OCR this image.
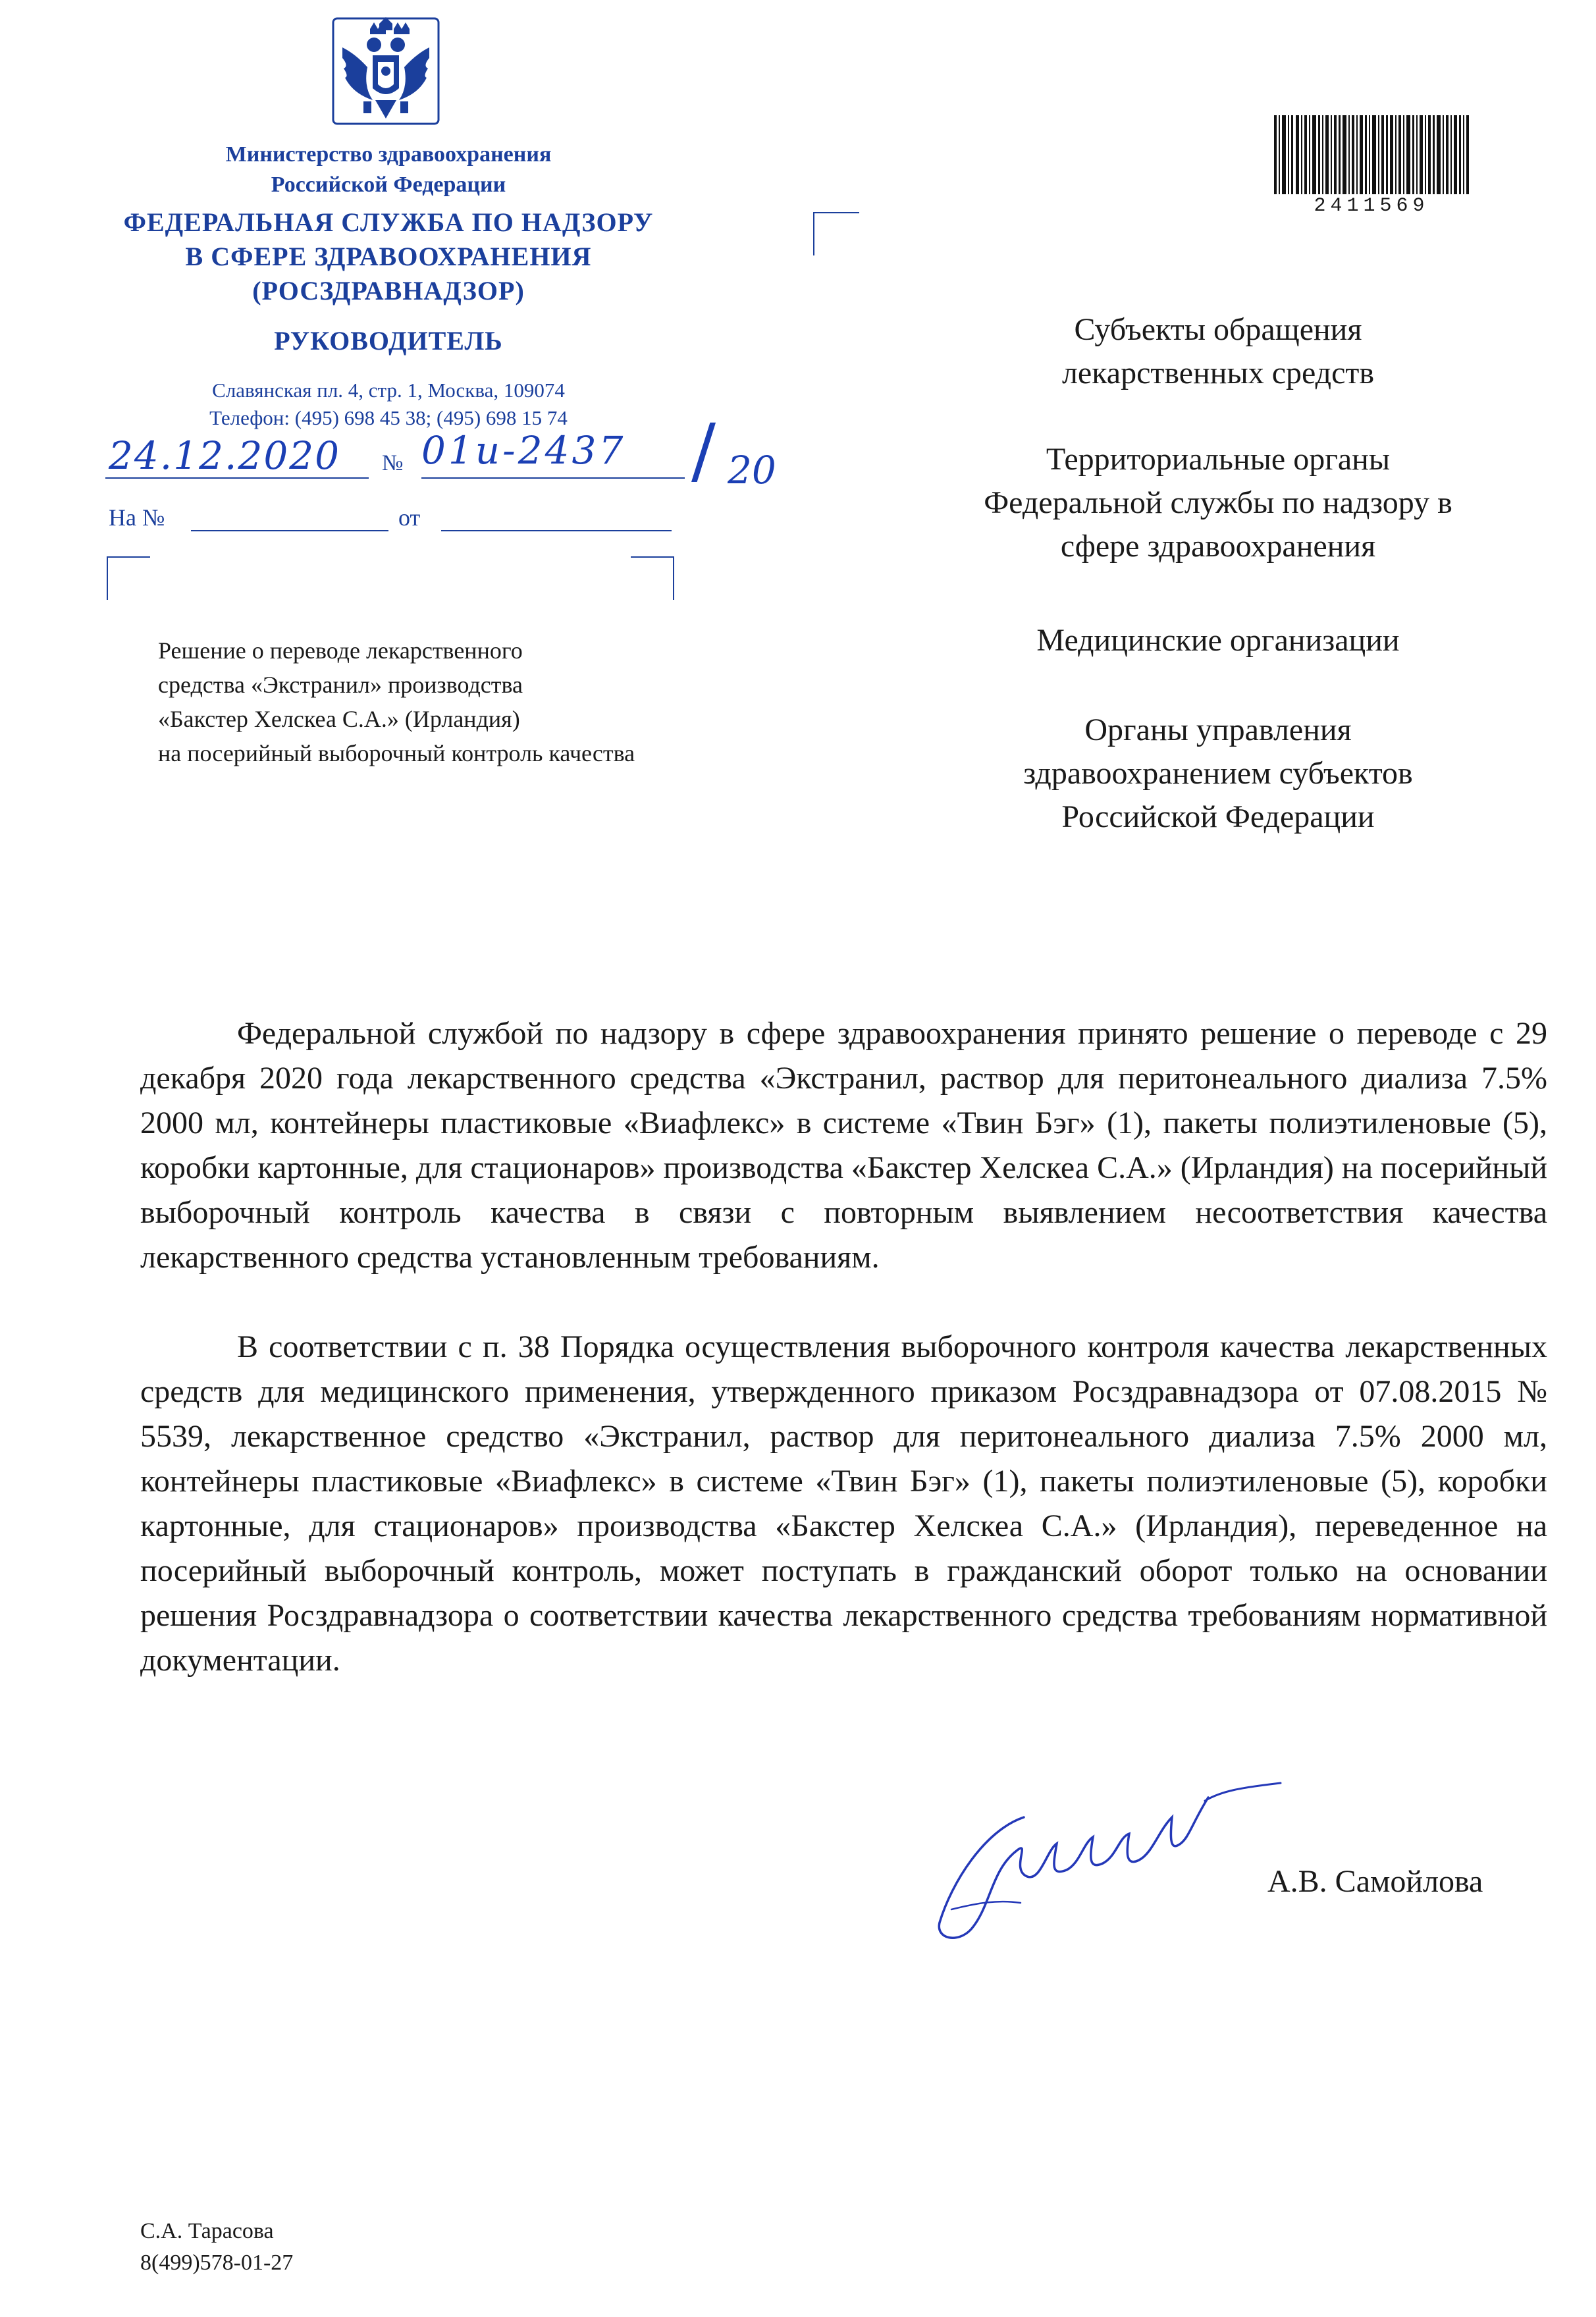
Министерство здравоохранения
Российской Федерации
ФЕДЕРАЛЬНАЯ СЛУЖБА ПО НАДЗОРУ
В СФЕРЕ ЗДРАВООХРАНЕНИЯ
(РОСЗДРАВНАДЗОР)
РУКОВОДИТЕЛЬ
Славянская пл. 4, стр. 1, Москва, 109074
Телефон: (495) 698 45 38; (495) 698 15 74
24.12.2020 № 01и-2437 / 20
На №	от
Решение о переводе лекарственного
средства «Экстранил» производства
«Бакстер Хелскеа С.А.» (Ирландия)
на посерийный выборочный контроль качества
2411569
Субъекты обращения
лекарственных средств
Территориальные органы
Федеральной службы по надзору в
сфере здравоохранения
Медицинские организации
Органы управления
здравоохранением субъектов
Российской Федерации

Федеральной службой по надзору в сфере здравоохранения принято решение о переводе с 29 декабря 2020 года лекарственного средства «Экстранил, раствор для перитонеального диализа 7.5% 2000 мл, контейнеры пластиковые «Виафлекс» в системе «Твин Бэг» (1), пакеты полиэтиленовые (5), коробки картонные, для стационаров» производства «Бакстер Хелскеа С.А.» (Ирландия) на посерийный выборочный контроль качества в связи с повторным выявлением несоответствия качества лекарственного средства установленным требованиям.

В соответствии с п. 38 Порядка осуществления выборочного контроля качества лекарственных средств для медицинского применения, утвержденного приказом Росздравнадзора от 07.08.2015 № 5539, лекарственное средство «Экстранил, раствор для перитонеального диализа 7.5% 2000 мл, контейнеры пластиковые «Виафлекс» в системе «Твин Бэг» (1), пакеты полиэтиленовые (5), коробки картонные, для стационаров» производства «Бакстер Хелскеа С.А.» (Ирландия), переведенное на посерийный выборочный контроль, может поступать в гражданский оборот только на основании решения Росздравнадзора о соответствии качества лекарственного средства требованиям нормативной документации.

А.В. Самойлова
С.А. Тарасова
8(499)578-01-27
